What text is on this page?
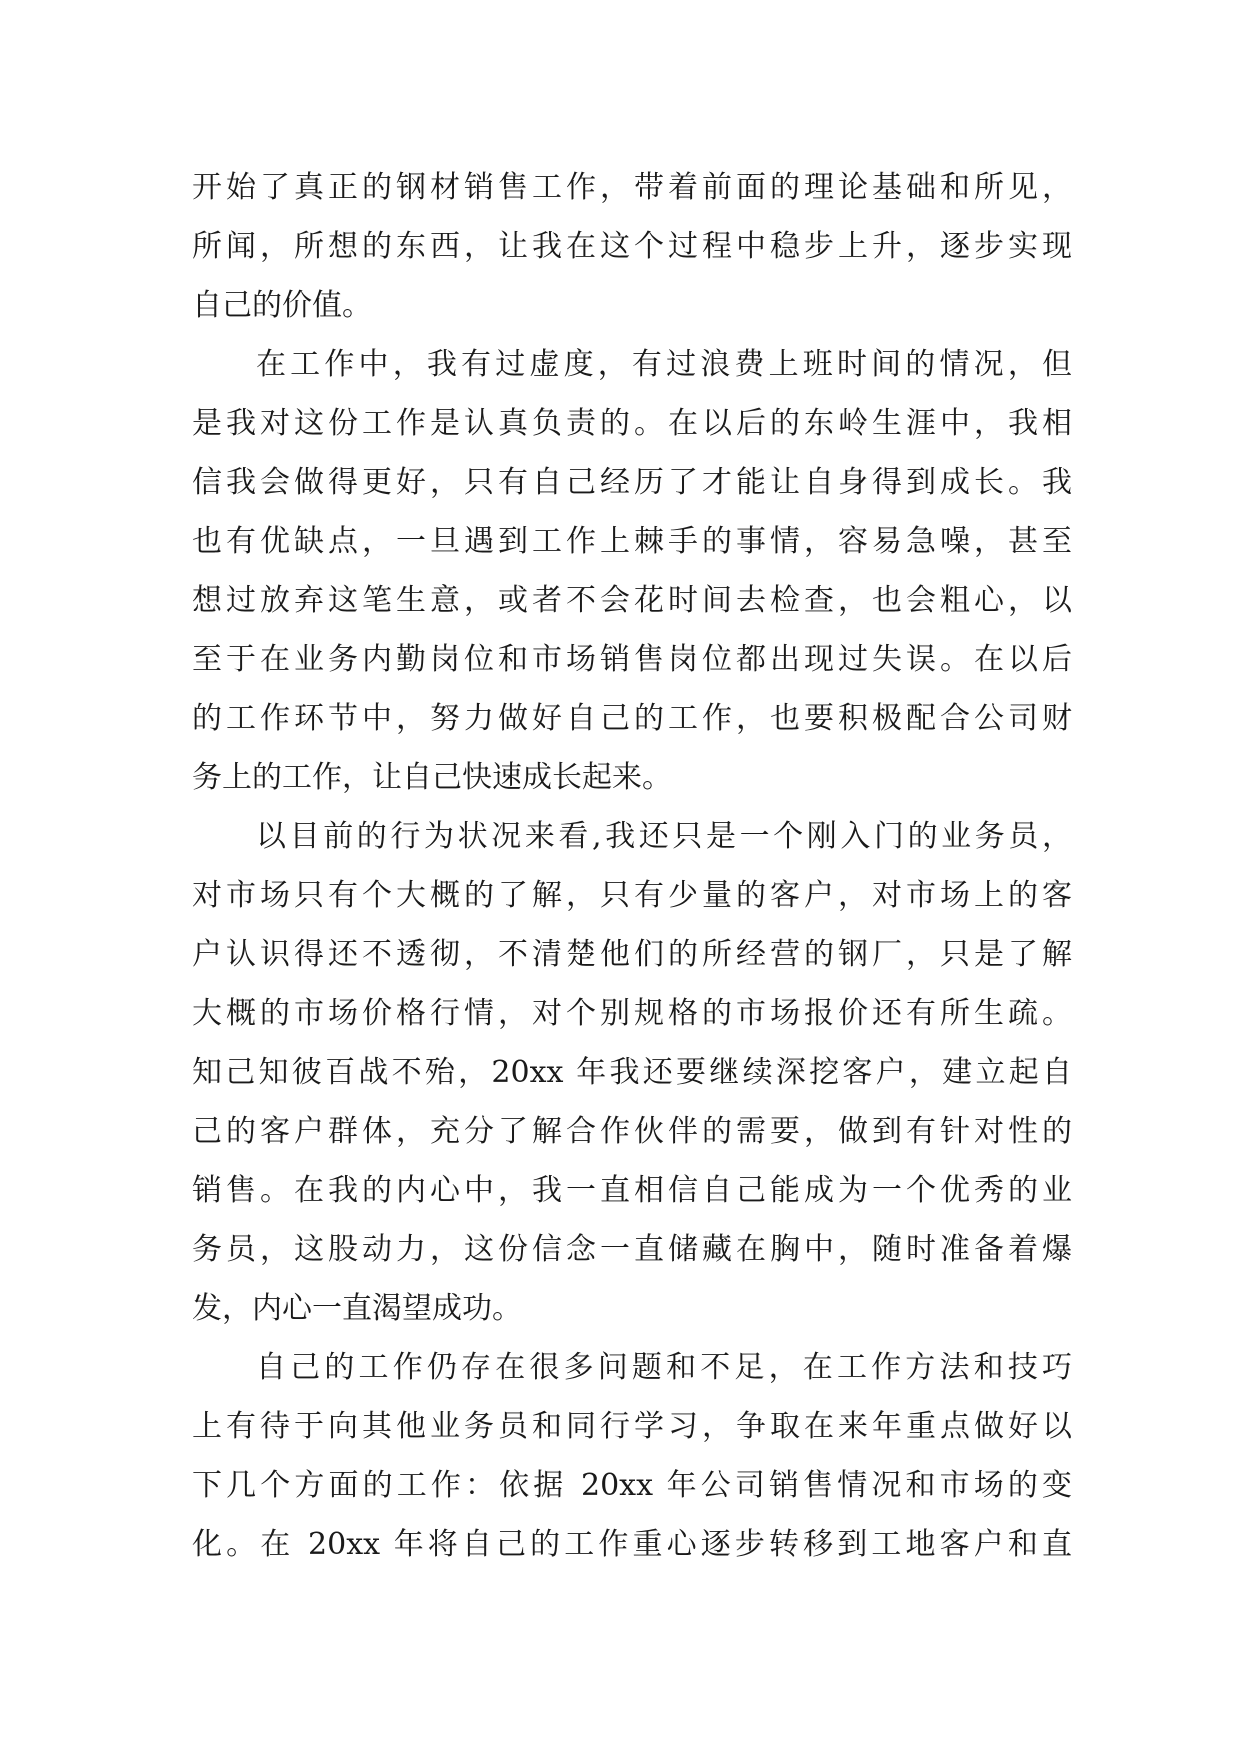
开始了真正的钢材销售工作，带着前面的理论基础和所见，
所闻，所想的东西，让我在这个过程中稳步上升，逐步实现
自己的价值。
在工作中，我有过虚度，有过浪费上班时间的情况，但
是我对这份工作是认真负责的。在以后的东岭生涯中，我相
信我会做得更好，只有自己经历了才能让自身得到成长。我
也有优缺点，一旦遇到工作上棘手的事情，容易急噪，甚至
想过放弃这笔生意，或者不会花时间去检查，也会粗心，以
至于在业务内勤岗位和市场销售岗位都出现过失误。在以后
的工作环节中，努力做好自己的工作，也要积极配合公司财
务上的工作，让自己快速成长起来。
以目前的行为状况来看,我还只是一个刚入门的业务员，
对市场只有个大概的了解，只有少量的客户，对市场上的客
户认识得还不透彻，不清楚他们的所经营的钢厂，只是了解
大概的市场价格行情，对个别规格的市场报价还有所生疏。
知己知彼百战不殆，20xx 年我还要继续深挖客户，建立起自
己的客户群体，充分了解合作伙伴的需要，做到有针对性的
销售。在我的内心中，我一直相信自己能成为一个优秀的业
务员，这股动力，这份信念一直储藏在胸中，随时准备着爆
发，内心一直渴望成功。
自己的工作仍存在很多问题和不足，在工作方法和技巧
上有待于向其他业务员和同行学习，争取在来年重点做好以
下几个方面的工作：依据 20xx 年公司销售情况和市场的变
化。在 20xx 年将自己的工作重心逐步转移到工地客户和直
